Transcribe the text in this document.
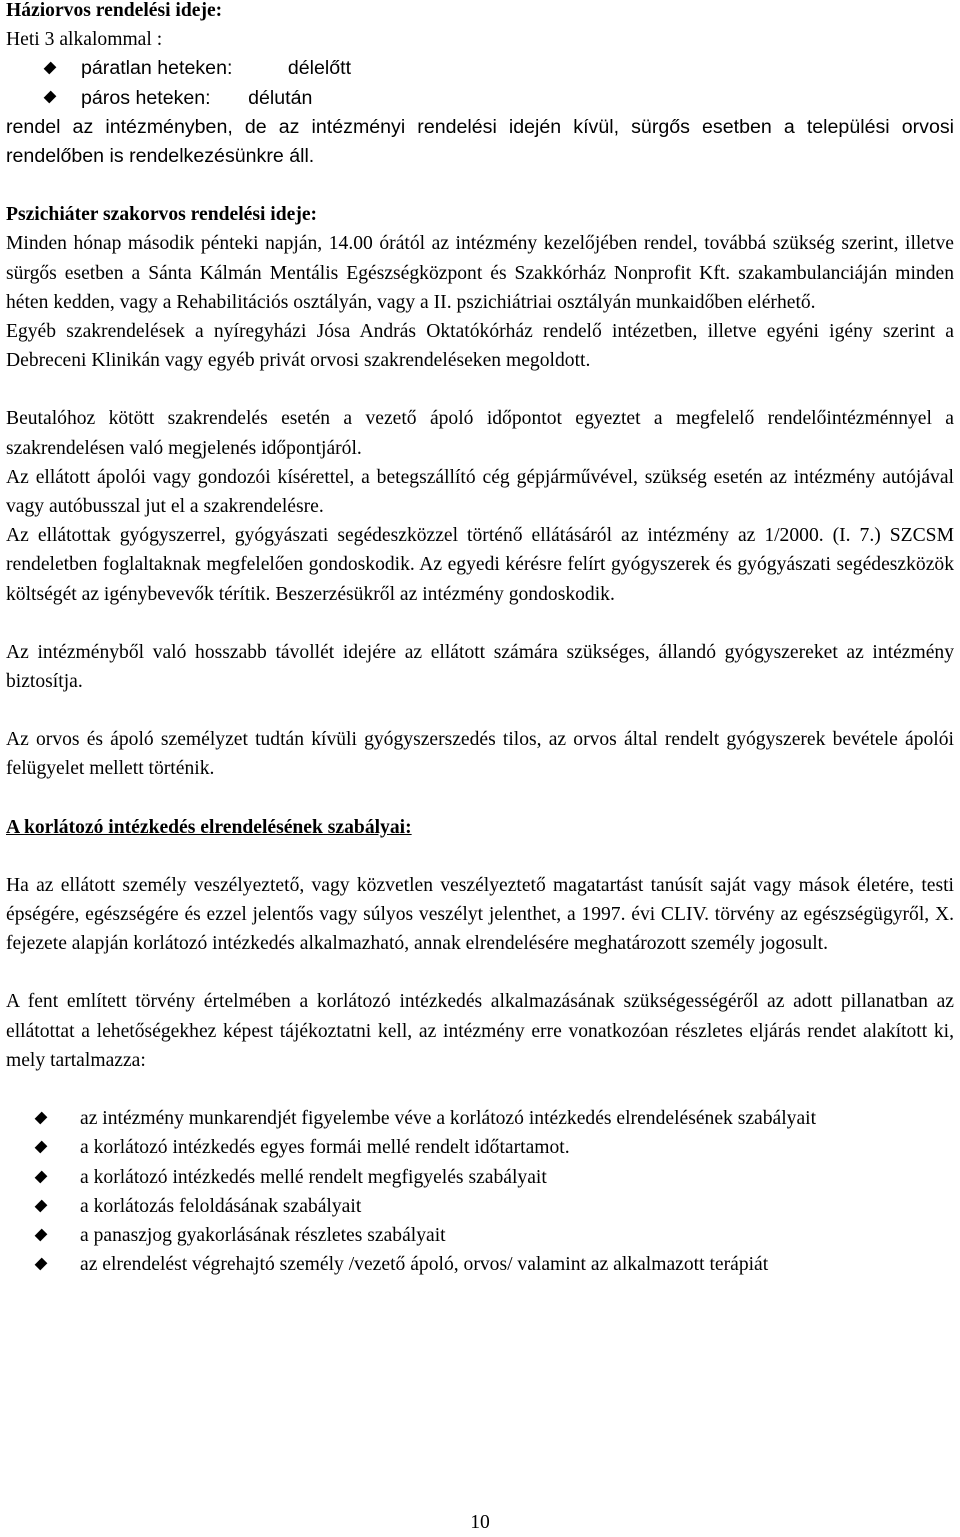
Háziorvos rendelési ideje:

Heti 3 alkalommal :

páratlan heteken:	délelőtt
páros heteken: délután

rendel az intézményben, de az intézményi rendelési idején kívül, sürgős esetben a települési orvosi rendelőben is rendelkezésünkre áll.

Pszichiáter szakorvos rendelési ideje:

Minden hónap második pénteki napján, 14.00 órától az intézmény kezelőjében rendel, továbbá szükség szerint, illetve sürgős esetben a Sánta Kálmán Mentális Egészségközpont és Szakkórház Nonprofit Kft. szakambulanciáján minden héten kedden, vagy a Rehabilitációs osztályán, vagy a II. pszichiátriai osztályán munkaidőben elérhető.

Egyéb szakrendelések a nyíregyházi Jósa András Oktatókórház rendelő intézetben, illetve egyéni igény szerint a Debreceni Klinikán vagy egyéb privát orvosi szakrendeléseken megoldott.

Beutalóhoz kötött szakrendelés esetén a vezető ápoló időpontot egyeztet a megfelelő rendelőintézménnyel a szakrendelésen való megjelenés időpontjáról.

Az ellátott ápolói vagy gondozói kísérettel, a betegszállító cég gépjárművével, szükség esetén az intézmény autójával vagy autóbusszal jut el a szakrendelésre.

Az ellátottak gyógyszerrel, gyógyászati segédeszközzel történő ellátásáról az intézmény az 1/2000. (I. 7.) SZCSM rendeletben foglaltaknak megfelelően gondoskodik. Az egyedi kérésre felírt gyógyszerek és gyógyászati segédeszközök költségét az igénybevevők térítik. Beszerzésükről az intézmény gondoskodik.

Az intézményből való hosszabb távollét idejére az ellátott számára szükséges, állandó gyógyszereket az intézmény biztosítja.

Az orvos és ápoló személyzet tudtán kívüli gyógyszerszedés tilos, az orvos által rendelt gyógyszerek bevétele ápolói felügyelet mellett történik.

A korlátozó intézkedés elrendelésének szabályai:

Ha az ellátott személy veszélyeztető, vagy közvetlen veszélyeztető magatartást tanúsít saját vagy mások életére, testi épségére, egészségére és ezzel jelentős vagy súlyos veszélyt jelenthet, a 1997. évi CLIV. törvény az egészségügyről, X. fejezete alapján korlátozó intézkedés alkalmazható, annak elrendelésére meghatározott személy jogosult.

A fent említett törvény értelmében a korlátozó intézkedés alkalmazásának szükségességéről az adott pillanatban az ellátottat a lehetőségekhez képest tájékoztatni kell, az intézmény erre vonatkozóan részletes eljárás rendet alakított ki, mely tartalmazza:

az intézmény munkarendjét figyelembe véve a korlátozó intézkedés elrendelésének szabályait

a korlátozó intézkedés egyes formái mellé rendelt időtartamot.

a korlátozó intézkedés mellé rendelt megfigyelés szabályait

a korlátozás feloldásának szabályait

a panaszjog gyakorlásának részletes szabályait

az elrendelést végrehajtó személy /vezető ápoló, orvos/ valamint az alkalmazott terápiát

10
